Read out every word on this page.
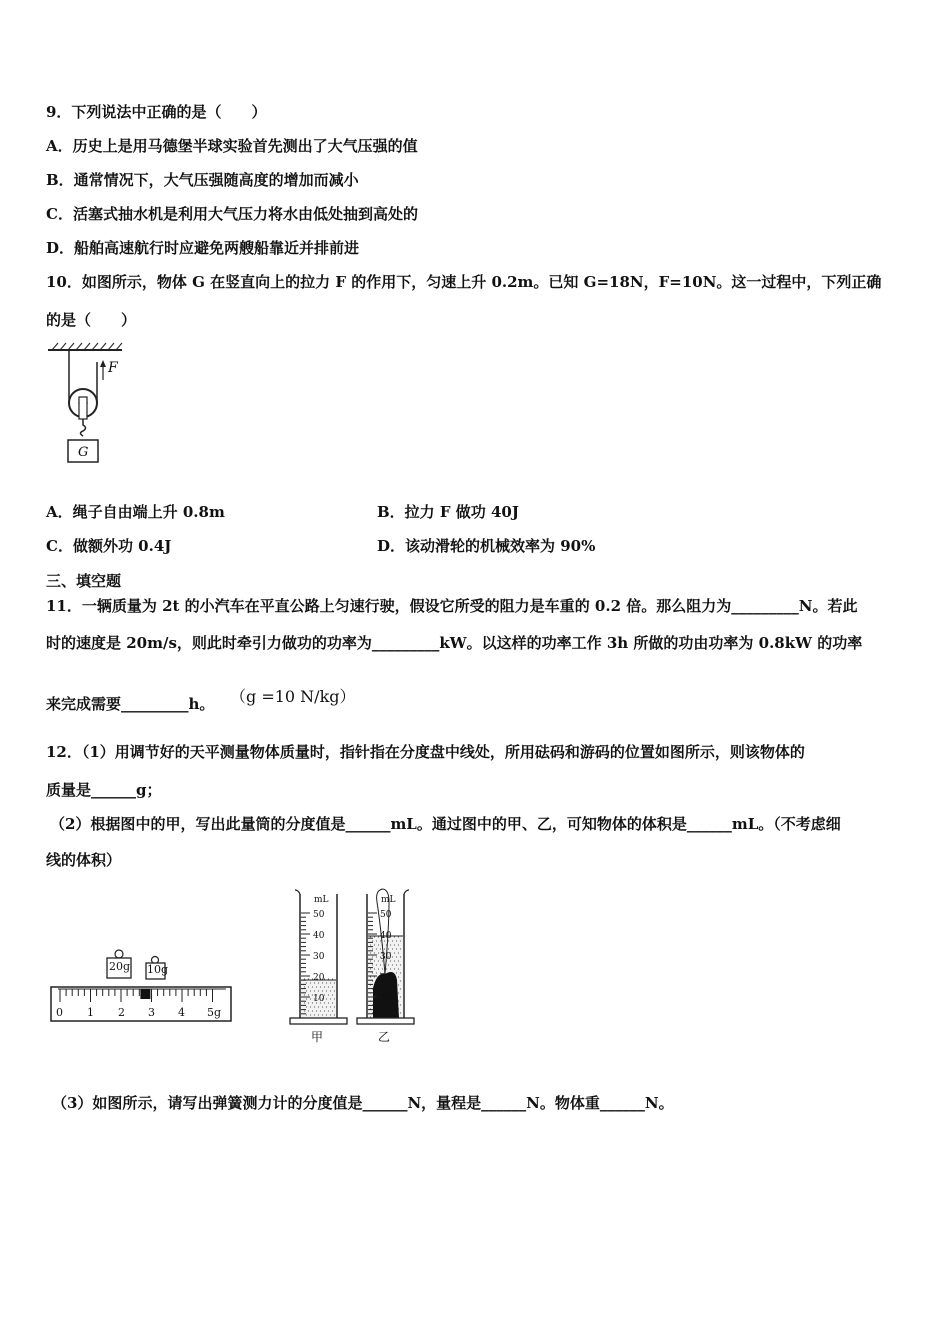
9．下列说法中正确的是（　　）
A．历史上是用马德堡半球实验首先测出了大气压强的值
B．通常情况下，大气压强随高度的增加而减小
C．活塞式抽水机是利用大气压力将水由低处抽到高处的
D．船舶高速航行时应避免两艘船靠近并排前进
10．如图所示，物体 G 在竖直向上的拉力 F 的作用下，匀速上升 0.2m。已知 G=18N，F=10N。这一过程中，下列正确
的是（　　）
F
G
A．绳子自由端上升 0.8m	B．拉力 F 做功 40J
C．做额外功 0.4J	D．该动滑轮的机械效率为 90%
三、填空题
11．一辆质量为 2t 的小汽车在平直公路上匀速行驶，假设它所受的阻力是车重的 0.2 倍。那么阻力为_________N。若此
时的速度是 20m/s，则此时牵引力做功的功率为_________kW。以这样的功率工作 3h 所做的功由功率为 0.8kW 的功率
来完成需要_________h。 （g =10 N/kg）
12．（1）用调节好的天平测量物体质量时，指针指在分度盘中线处，所用砝码和游码的位置如图所示，则该物体的
质量是______g；
（2）根据图中的甲，写出此量筒的分度值是______mL。通过图中的甲、乙，可知物体的体积是______mL。（不考虑细
线的体积）
20g 10g
0 1 2 3 4 5g
mL	mL
50
40
30
20
10
50
40
30
20
10
甲	乙
（3）如图所示，请写出弹簧测力计的分度值是______N，量程是______N。物体重______N。
